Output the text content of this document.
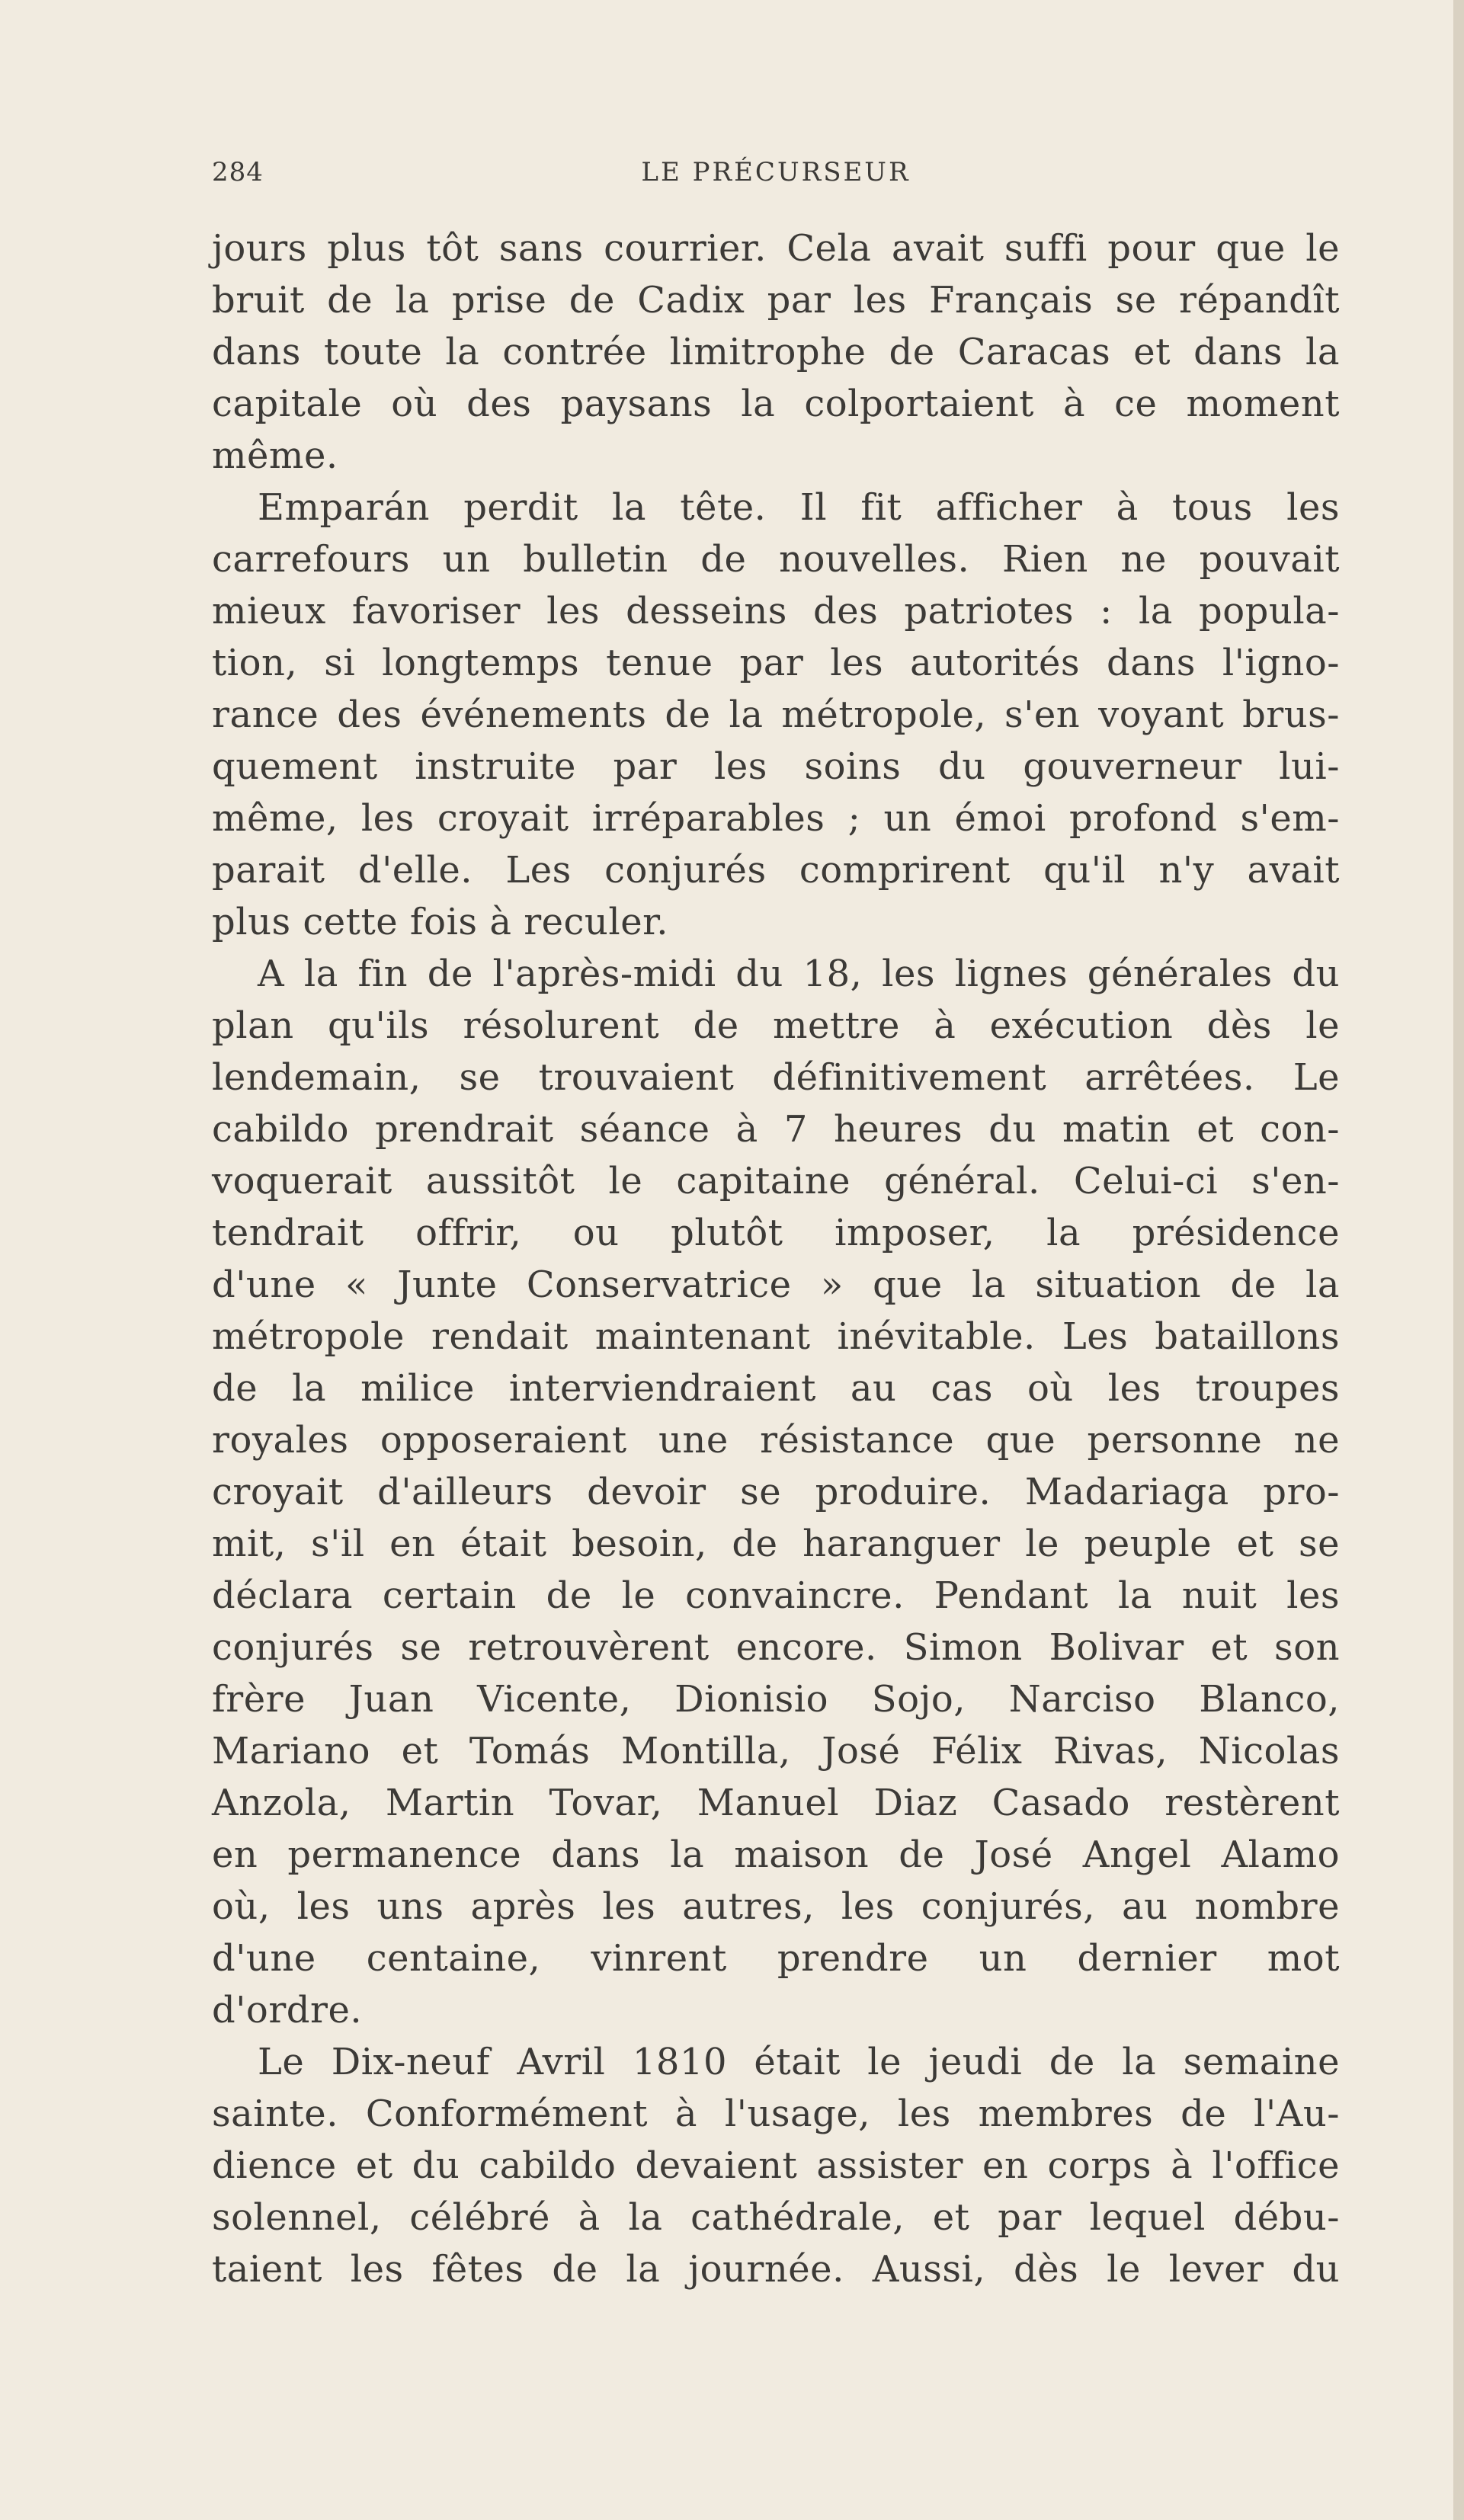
284	LE PRÉCURSEUR
jours plus tôt sans courrier. Cela avait suffi pour que le
bruit de la prise de Cadix par les Français se répandît
dans toute la contrée limitrophe de Caracas et dans la
capitale où des paysans la colportaient à ce moment
même.
Emparán perdit la tête. Il fit afficher à tous les
carrefours un bulletin de nouvelles. Rien ne pouvait
mieux favoriser les desseins des patriotes : la popula-
tion, si longtemps tenue par les autorités dans l'igno-
rance des événements de la métropole, s'en voyant brus-
quement instruite par les soins du gouverneur lui-
même, les croyait irréparables ; un émoi profond s'em-
parait d'elle. Les conjurés comprirent qu'il n'y avait
plus cette fois à reculer.
A la fin de l'après-midi du 18, les lignes générales du
plan qu'ils résolurent de mettre à exécution dès le
lendemain, se trouvaient définitivement arrêtées. Le
cabildo prendrait séance à 7 heures du matin et con-
voquerait aussitôt le capitaine général. Celui-ci s'en-
tendrait offrir, ou plutôt imposer, la présidence
d'une « Junte Conservatrice » que la situation de la
métropole rendait maintenant inévitable. Les bataillons
de la milice interviendraient au cas où les troupes
royales opposeraient une résistance que personne ne
croyait d'ailleurs devoir se produire. Madariaga pro-
mit, s'il en était besoin, de haranguer le peuple et se
déclara certain de le convaincre. Pendant la nuit les
conjurés se retrouvèrent encore. Simon Bolivar et son
frère Juan Vicente, Dionisio Sojo, Narciso Blanco,
Mariano et Tomás Montilla, José Félix Rivas, Nicolas
Anzola, Martin Tovar, Manuel Diaz Casado restèrent
en permanence dans la maison de José Angel Alamo
où, les uns après les autres, les conjurés, au nombre
d'une centaine, vinrent prendre un dernier mot
d'ordre.
Le Dix-neuf Avril 1810 était le jeudi de la semaine
sainte. Conformément à l'usage, les membres de l'Au-
dience et du cabildo devaient assister en corps à l'office
solennel, célébré à la cathédrale, et par lequel débu-
taient les fêtes de la journée. Aussi, dès le lever du
